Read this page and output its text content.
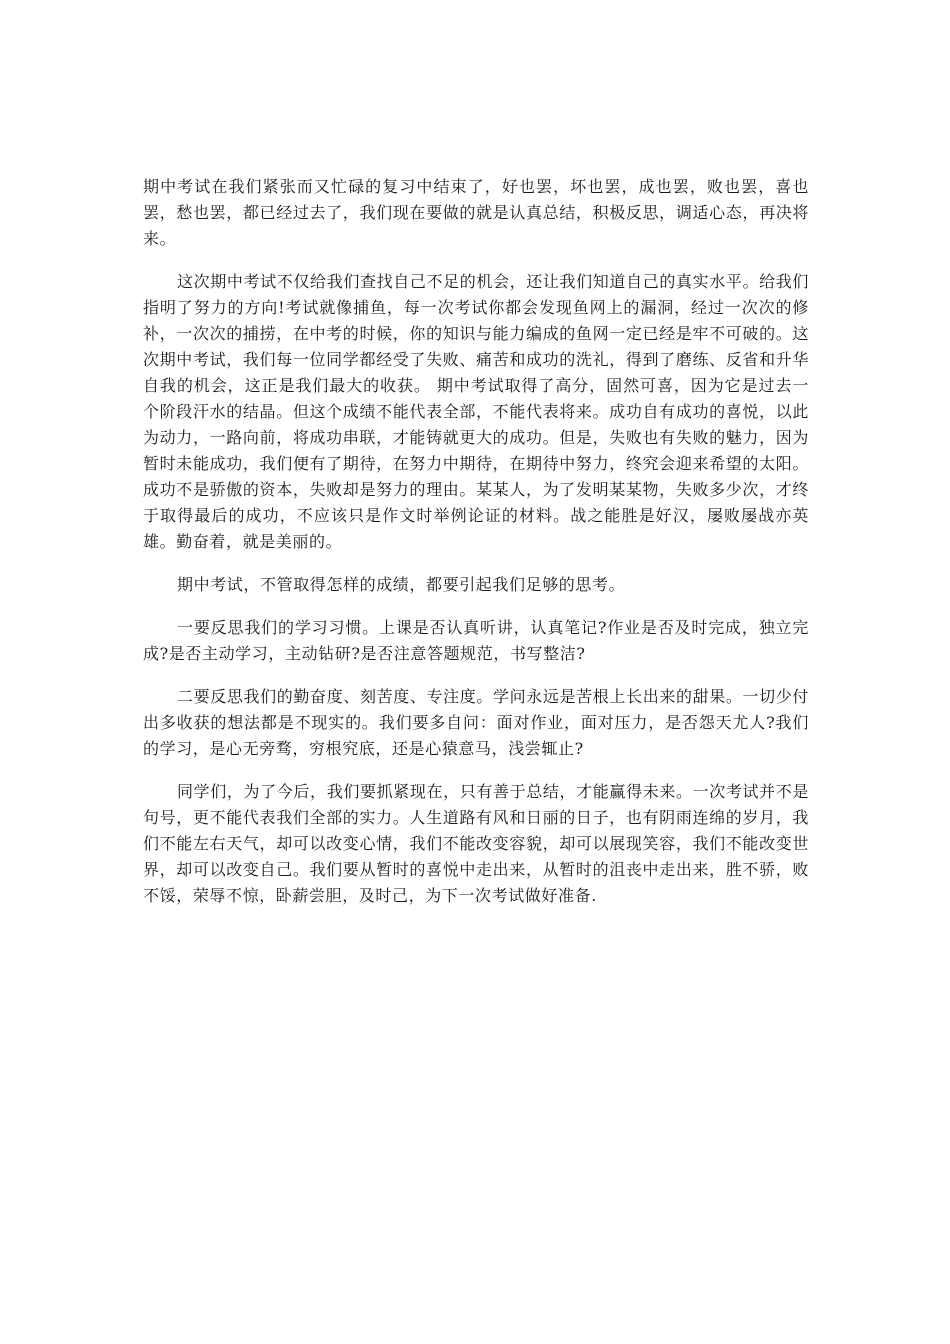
期中考试在我们紧张而又忙碌的复习中结束了，好也罢，坏也罢，成也罢，败也罢，喜也罢，愁也罢，都已经过去了，我们现在要做的就是认真总结，积极反思，调适心态，再决将来。

这次期中考试不仅给我们查找自己不足的机会，还让我们知道自己的真实水平。给我们指明了努力的方向!考试就像捕鱼，每一次考试你都会发现鱼网上的漏洞，经过一次次的修补，一次次的捕捞，在中考的时候，你的知识与能力编成的鱼网一定已经是牢不可破的。这次期中考试，我们每一位同学都经受了失败、痛苦和成功的洗礼，得到了磨练、反省和升华自我的机会，这正是我们最大的收获。 期中考试取得了高分，固然可喜，因为它是过去一个阶段汗水的结晶。但这个成绩不能代表全部，不能代表将来。成功自有成功的喜悦，以此为动力，一路向前，将成功串联，才能铸就更大的成功。但是，失败也有失败的魅力，因为暂时未能成功，我们便有了期待，在努力中期待，在期待中努力，终究会迎来希望的太阳。成功不是骄傲的资本，失败却是努力的理由。某某人，为了发明某某物，失败多少次，才终于取得最后的成功，不应该只是作文时举例论证的材料。战之能胜是好汉，屡败屡战亦英雄。勤奋着，就是美丽的。

期中考试，不管取得怎样的成绩，都要引起我们足够的思考。

一要反思我们的学习习惯。上课是否认真听讲，认真笔记?作业是否及时完成，独立完成?是否主动学习，主动钻研?是否注意答题规范，书写整洁?

二要反思我们的勤奋度、刻苦度、专注度。学问永远是苦根上长出来的甜果。一切少付出多收获的想法都是不现实的。我们要多自问：面对作业，面对压力，是否怨天尤人?我们的学习，是心无旁骛，穷根究底，还是心猿意马，浅尝辄止?

同学们，为了今后，我们要抓紧现在，只有善于总结，才能赢得未来。一次考试并不是句号，更不能代表我们全部的实力。人生道路有风和日丽的日子，也有阴雨连绵的岁月，我们不能左右天气，却可以改变心情，我们不能改变容貌，却可以展现笑容，我们不能改变世界，却可以改变自己。我们要从暂时的喜悦中走出来，从暂时的沮丧中走出来，胜不骄，败不馁，荣辱不惊，卧薪尝胆，及时己，为下一次考试做好准备.
